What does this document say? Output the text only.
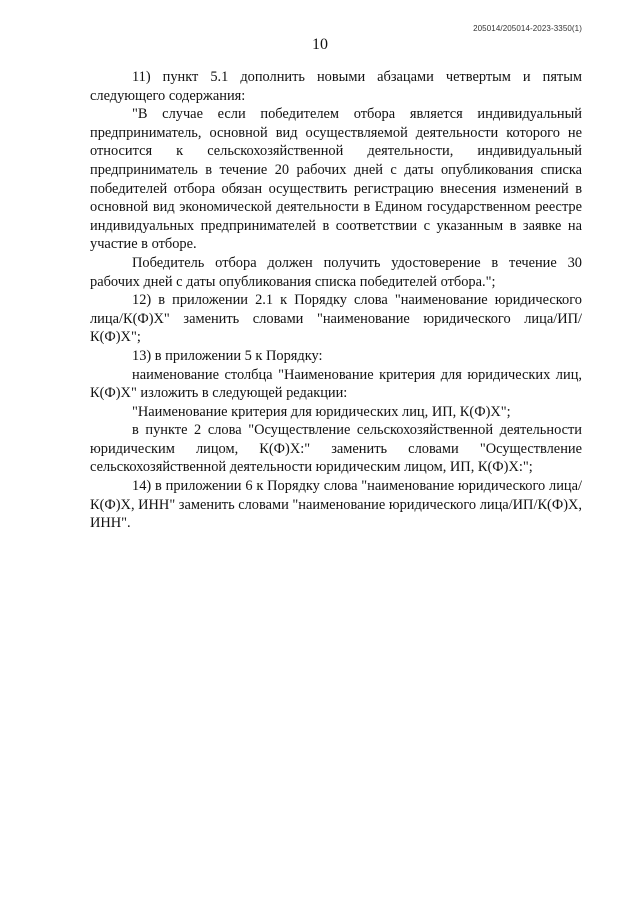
205014/205014-2023-3350(1)
10

11) пункт 5.1 дополнить новыми абзацами четвертым и пятым следующего содержания:

"В случае если победителем отбора является индивидуальный предприниматель, основной вид осуществляемой деятельности которого не относится к сельскохозяйственной деятельности, индивидуальный предприниматель в течение 20 рабочих дней с даты опубликования списка победителей отбора обязан осуществить регистрацию внесения изменений в основной вид экономической деятельности в Едином государственном реестре индивидуальных предпринимателей в соответствии с указанным в заявке на участие в отборе.

Победитель отбора должен получить удостоверение в течение 30 рабочих дней с даты опубликования списка победителей отбора.";

12) в приложении 2.1 к Порядку слова "наименование юридического лица/К(Ф)Х" заменить словами "наименование юридического лица/ИП/К(Ф)Х";

13) в приложении 5 к Порядку:

наименование столбца "Наименование критерия для юридических лиц, К(Ф)Х" изложить в следующей редакции:

"Наименование критерия для юридических лиц, ИП, К(Ф)Х";

в пункте 2 слова "Осуществление сельскохозяйственной деятельности юридическим лицом, К(Ф)Х:" заменить словами "Осуществление сельскохозяйственной деятельности юридическим лицом, ИП, К(Ф)Х:";

14) в приложении 6 к Порядку слова "наименование юридического лица/К(Ф)Х, ИНН" заменить словами "наименование юридического лица/ИП/К(Ф)Х, ИНН".
